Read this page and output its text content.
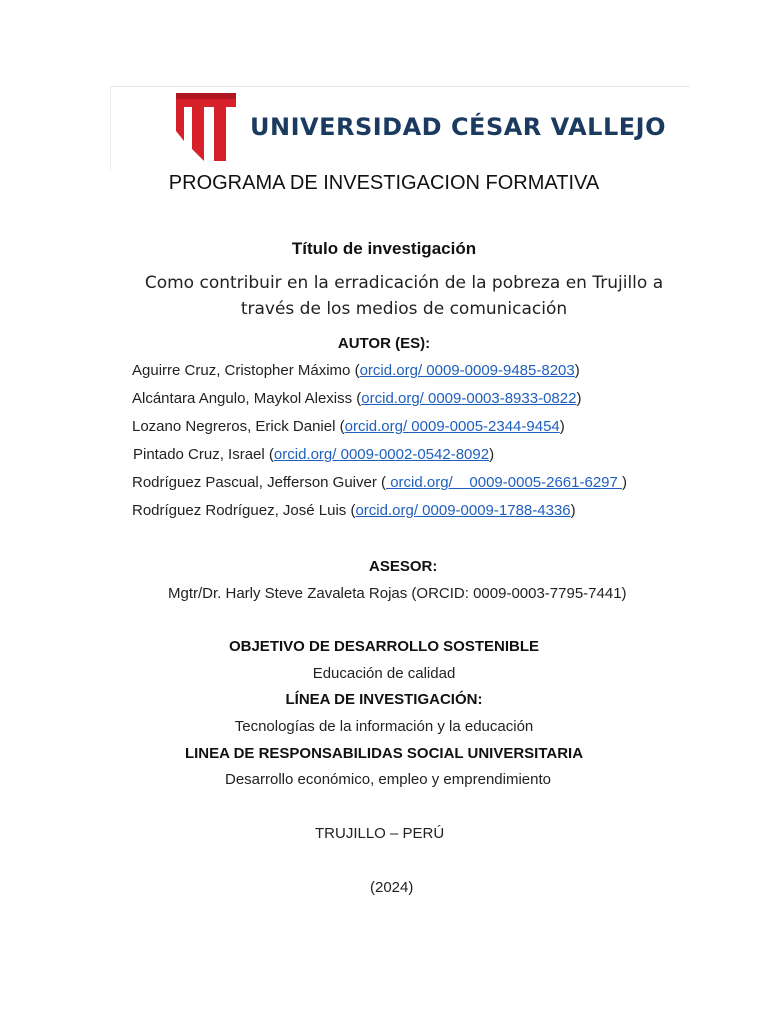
UNIVERSIDAD CÉSAR VALLEJO
PROGRAMA DE INVESTIGACION FORMATIVA
Título de investigación
Como contribuir en la erradicación de la pobreza en Trujillo a través de los medios de comunicación
AUTOR (ES):
Aguirre Cruz, Cristopher Máximo (orcid.org/ 0009-0009-9485-8203)
Alcántara Angulo, Maykol Alexiss (orcid.org/ 0009-0003-8933-0822)
Lozano Negreros, Erick Daniel (orcid.org/ 0009-0005-2344-9454)
Pintado Cruz, Israel (orcid.org/ 0009-0002-0542-8092)
Rodríguez Pascual, Jefferson Guiver ( orcid.org/    0009-0005-2661-6297 )
Rodríguez Rodríguez, José Luis (orcid.org/ 0009-0009-1788-4336)
ASESOR:
Mgtr/Dr. Harly Steve Zavaleta Rojas (ORCID: 0009-0003-7795-7441)
OBJETIVO DE DESARROLLO SOSTENIBLE
Educación de calidad
LÍNEA DE INVESTIGACIÓN:
Tecnologías de la información y la educación
LINEA DE RESPONSABILIDAS SOCIAL UNIVERSITARIA
Desarrollo económico, empleo y emprendimiento
TRUJILLO – PERÚ
(2024)
